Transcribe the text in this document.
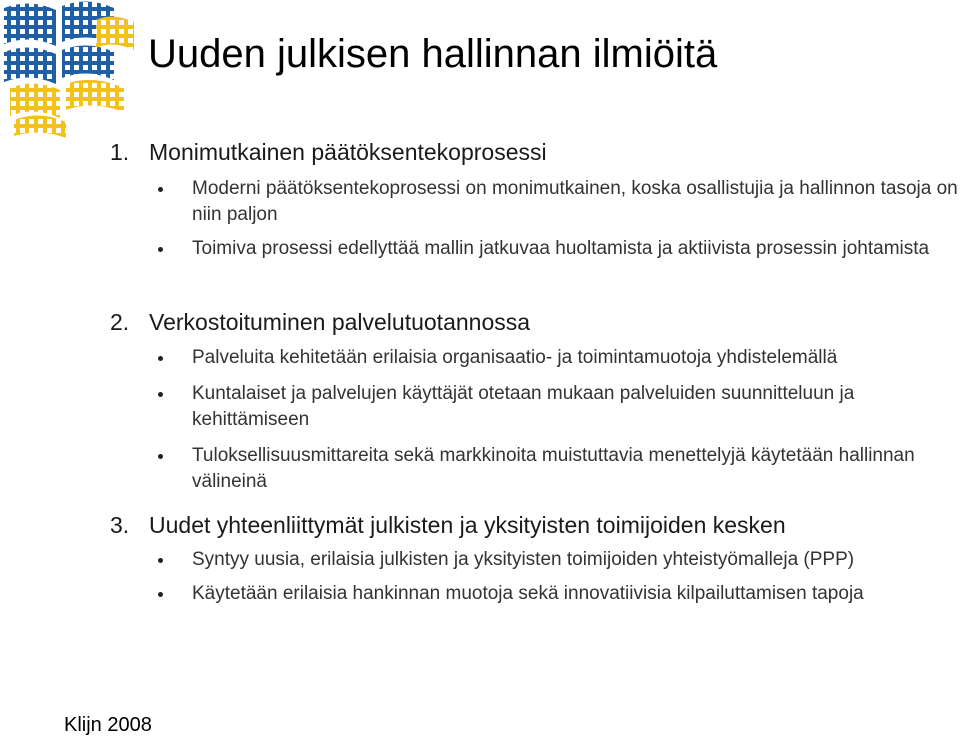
Uuden julkisen hallinnan ilmiöitä
1. Monimutkainen päätöksentekoprosessi
Moderni päätöksentekoprosessi on monimutkainen, koska osallistujia ja hallinnon tasoja on niin paljon
Toimiva prosessi edellyttää mallin jatkuvaa huoltamista ja aktiivista prosessin johtamista
2. Verkostoituminen palvelutuotannossa
Palveluita kehitetään erilaisia organisaatio- ja toimintamuotoja yhdistelemällä
Kuntalaiset ja palvelujen käyttäjät otetaan mukaan palveluiden suunnitteluun ja kehittämiseen
Tuloksellisuusmittareita sekä markkinoita muistuttavia menettelyjä käytetään hallinnan välineinä
3. Uudet yhteenliittymät julkisten ja yksityisten toimijoiden kesken
Syntyy uusia, erilaisia julkisten ja yksityisten toimijoiden yhteistyömalleja (PPP)
Käytetään erilaisia hankinnan muotoja sekä innovatiivisia kilpailuttamisen tapoja
Klijn 2008
